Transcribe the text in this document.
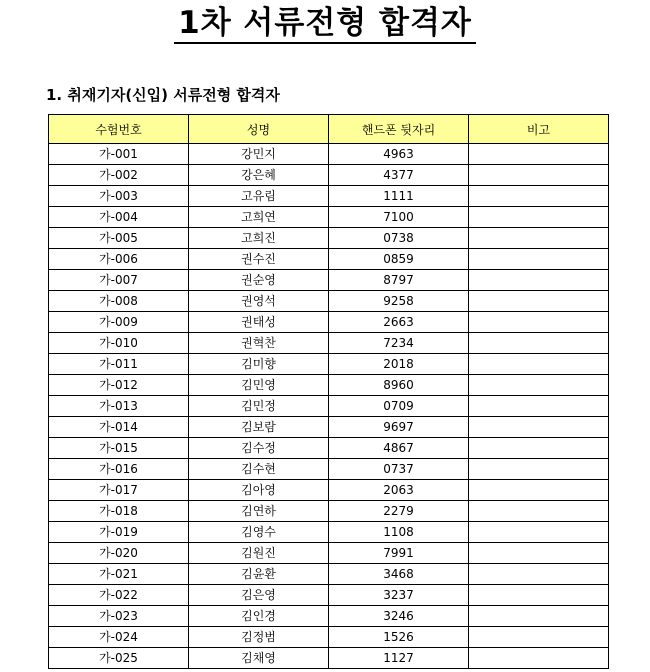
1차 서류전형 합격자
1. 취재기자(신입) 서류전형 합격자
수험번호	성명	핸드폰 뒷자리	비고
가-001	강민지	4963	
가-002	강은혜	4377	
가-003	고유림	1111	
가-004	고희연	7100	
가-005	고희진	0738	
가-006	권수진	0859	
가-007	권순영	8797	
가-008	권영석	9258	
가-009	권태성	2663	
가-010	권혁찬	7234	
가-011	김미향	2018	
가-012	김민영	8960	
가-013	김민정	0709	
가-014	김보람	9697	
가-015	김수정	4867	
가-016	김수현	0737	
가-017	김아영	2063	
가-018	김연하	2279	
가-019	김영수	1108	
가-020	김원진	7991	
가-021	김윤환	3468	
가-022	김은영	3237	
가-023	김인경	3246	
가-024	김정범	1526	
가-025	김채영	1127	
